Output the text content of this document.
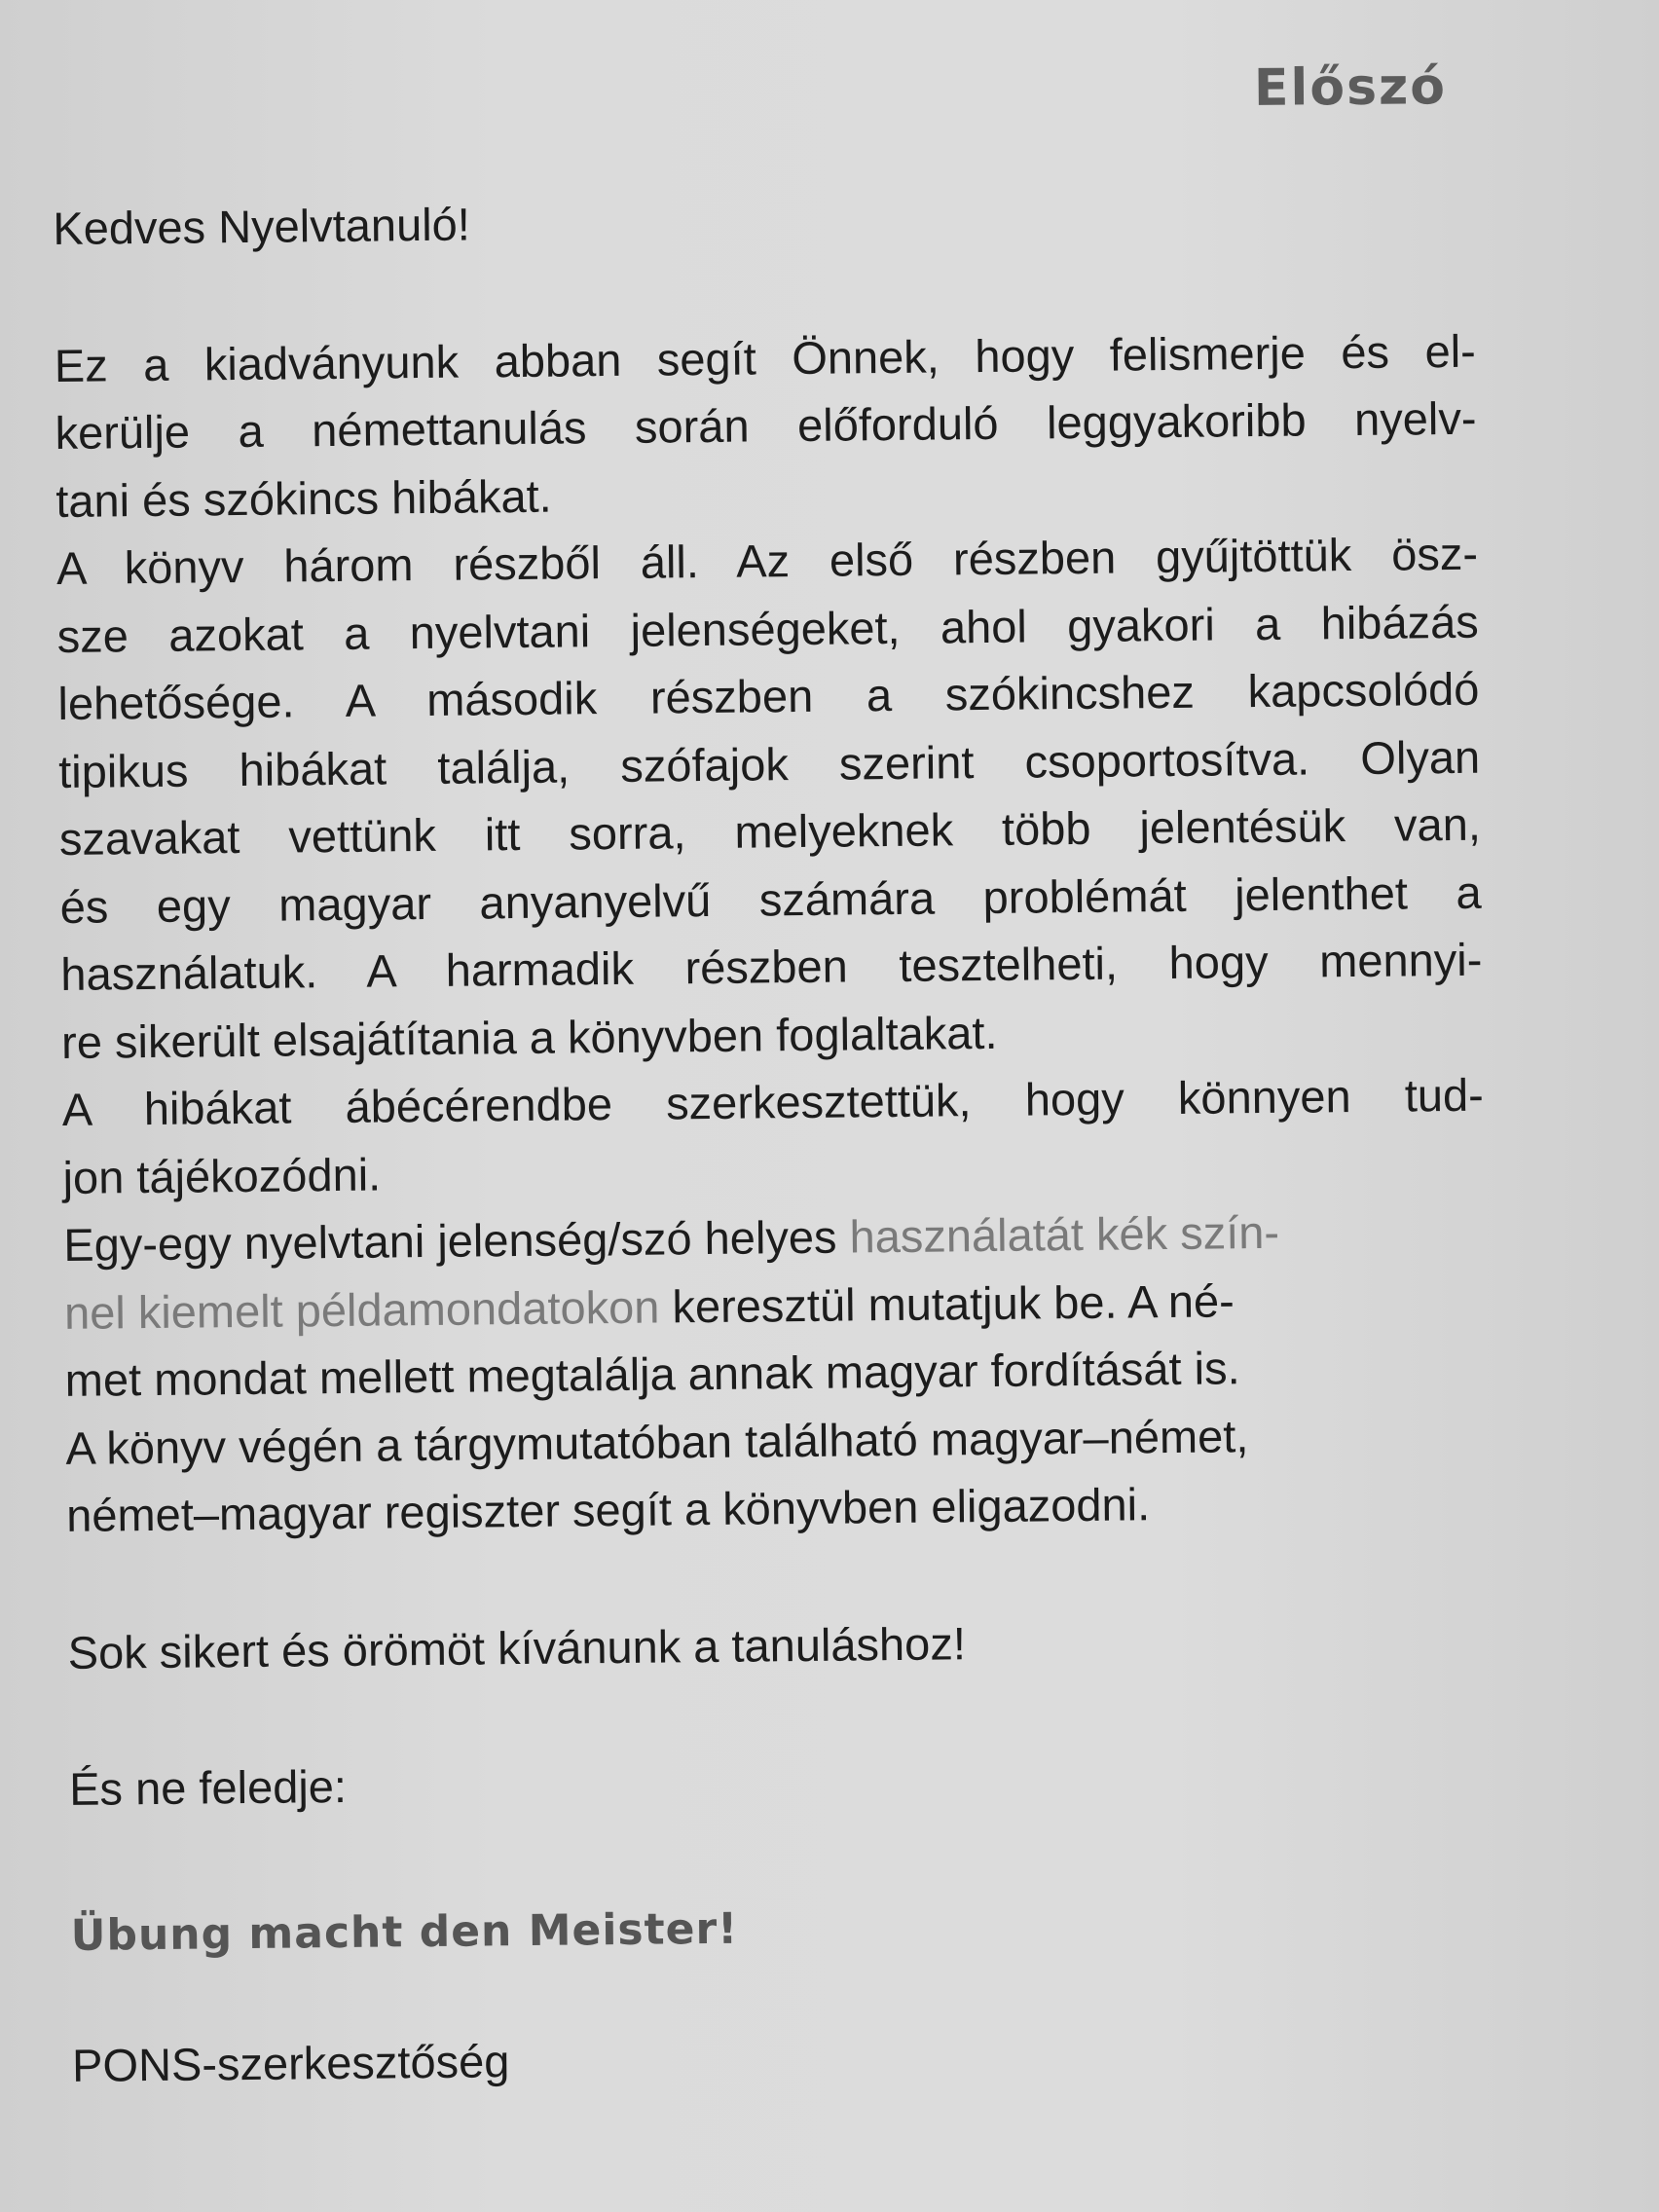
Előszó
Kedves Nyelvtanuló!
Ez a kiadványunk abban segít Önnek, hogy felismerje és el-
kerülje a némettanulás során előforduló leggyakoribb nyelv-
tani és szókincs hibákat.
A könyv három részből áll. Az első részben gyűjtöttük ösz-
sze azokat a nyelvtani jelenségeket, ahol gyakori a hibázás
lehetősége. A második részben a szókincshez kapcsolódó
tipikus hibákat találja, szófajok szerint csoportosítva. Olyan
szavakat vettünk itt sorra, melyeknek több jelentésük van,
és egy magyar anyanyelvű számára problémát jelenthet a
használatuk. A harmadik részben tesztelheti, hogy mennyi-
re sikerült elsajátítania a könyvben foglaltakat.
A hibákat ábécérendbe szerkesztettük, hogy könnyen tud-
jon tájékozódni.
Egy-egy nyelvtani jelenség/szó helyes használatát kék szín-
nel kiemelt példamondatokon keresztül mutatjuk be. A né-
met mondat mellett megtalálja annak magyar fordítását is.
A könyv végén a tárgymutatóban található magyar–német,
német–magyar regiszter segít a könyvben eligazodni.
Sok sikert és örömöt kívánunk a tanuláshoz!
És ne feledje:
Übung macht den Meister!
PONS-szerkesztőség
